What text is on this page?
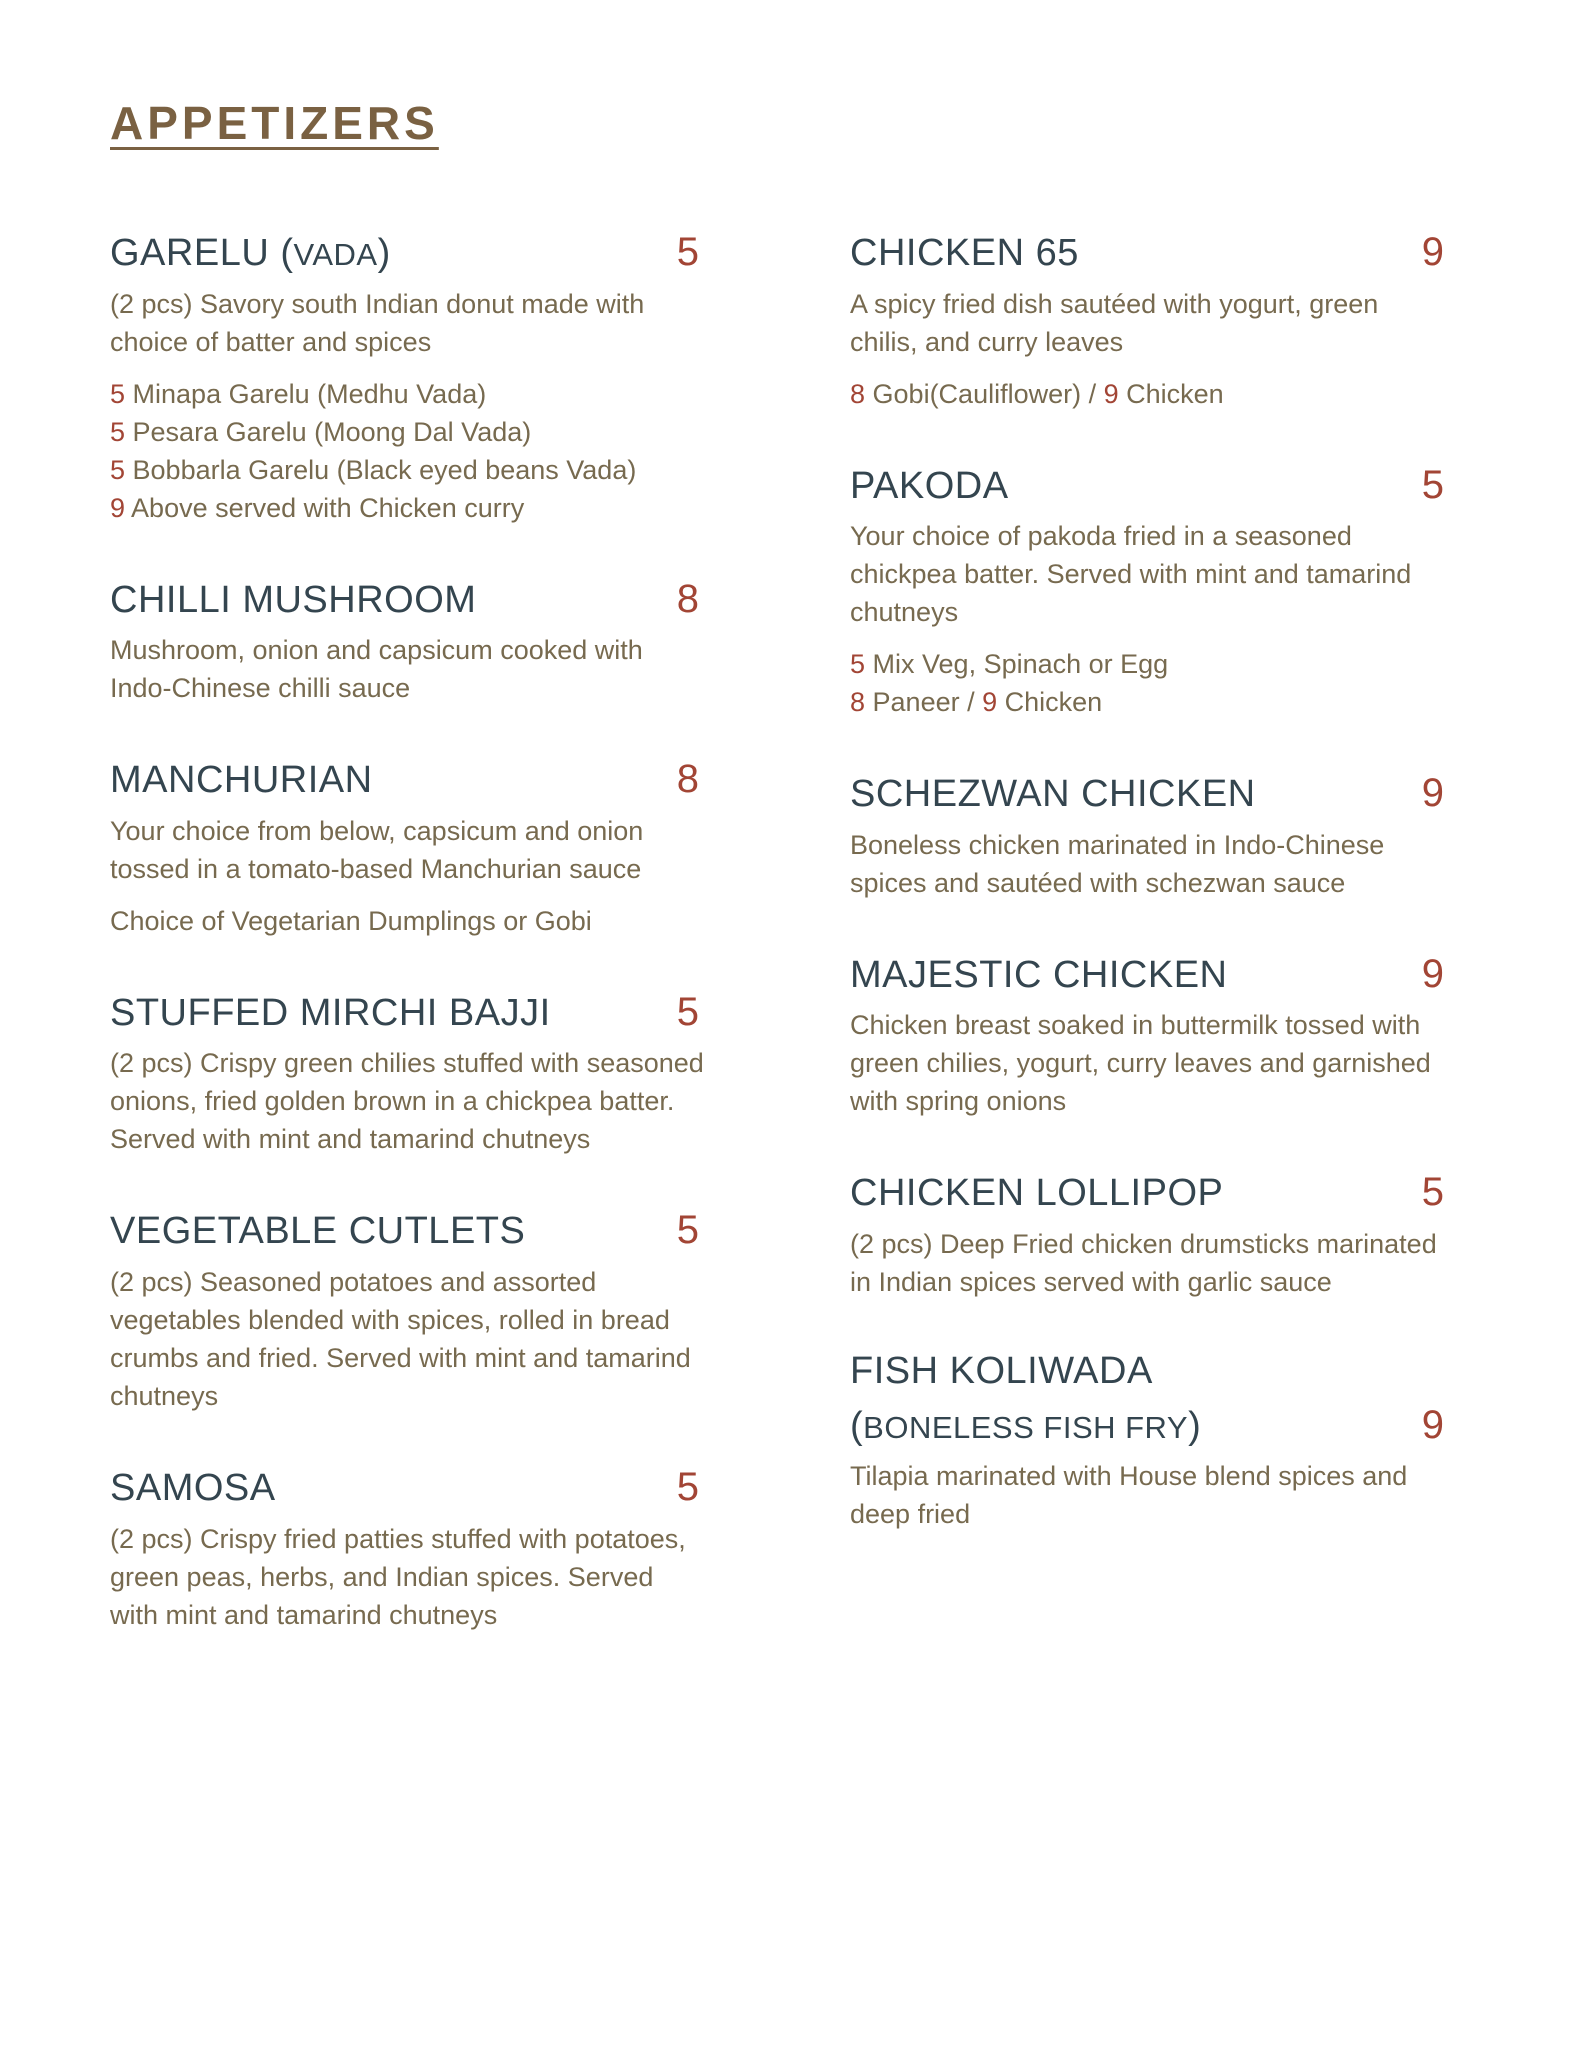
APPETIZERS
GARELU (VADA)	5

(2 pcs) Savory south Indian donut made with choice of batter and spices

5 Minapa Garelu (Medhu Vada)
5 Pesara Garelu (Moong Dal Vada)
5 Bobbarla Garelu (Black eyed beans Vada)
9 Above served with Chicken curry
CHILLI MUSHROOM	8

Mushroom, onion and capsicum cooked with Indo-Chinese chilli sauce

MANCHURIAN	8

Your choice from below, capsicum and onion tossed in a tomato-based Manchurian sauce

Choice of Vegetarian Dumplings or Gobi
STUFFED MIRCHI BAJJI	5

(2 pcs) Crispy green chilies stuffed with seasoned onions, fried golden brown in a chickpea batter. Served with mint and tamarind chutneys

VEGETABLE CUTLETS	5

(2 pcs) Seasoned potatoes and assorted vegetables blended with spices, rolled in bread crumbs and fried. Served with mint and tamarind chutneys

SAMOSA	5

(2 pcs) Crispy fried patties stuffed with potatoes, green peas, herbs, and Indian spices. Served with mint and tamarind chutneys

CHICKEN 65	9

A spicy fried dish sautéed with yogurt, green chilis, and curry leaves

8 Gobi(Cauliflower) / 9 Chicken
PAKODA	5

Your choice of pakoda fried in a seasoned chickpea batter. Served with mint and tamarind chutneys

5 Mix Veg, Spinach or Egg
8 Paneer / 9 Chicken
SCHEZWAN CHICKEN	9

Boneless chicken marinated in Indo-Chinese spices and sautéed with schezwan sauce

MAJESTIC CHICKEN	9

Chicken breast soaked in buttermilk tossed with green chilies, yogurt, curry leaves and garnished with spring onions

CHICKEN LOLLIPOP	5

(2 pcs) Deep Fried chicken drumsticks marinated in Indian spices served with garlic sauce

FISH KOLIWADA
(BONELESS FISH FRY)	9

Tilapia marinated with House blend spices and deep fried
